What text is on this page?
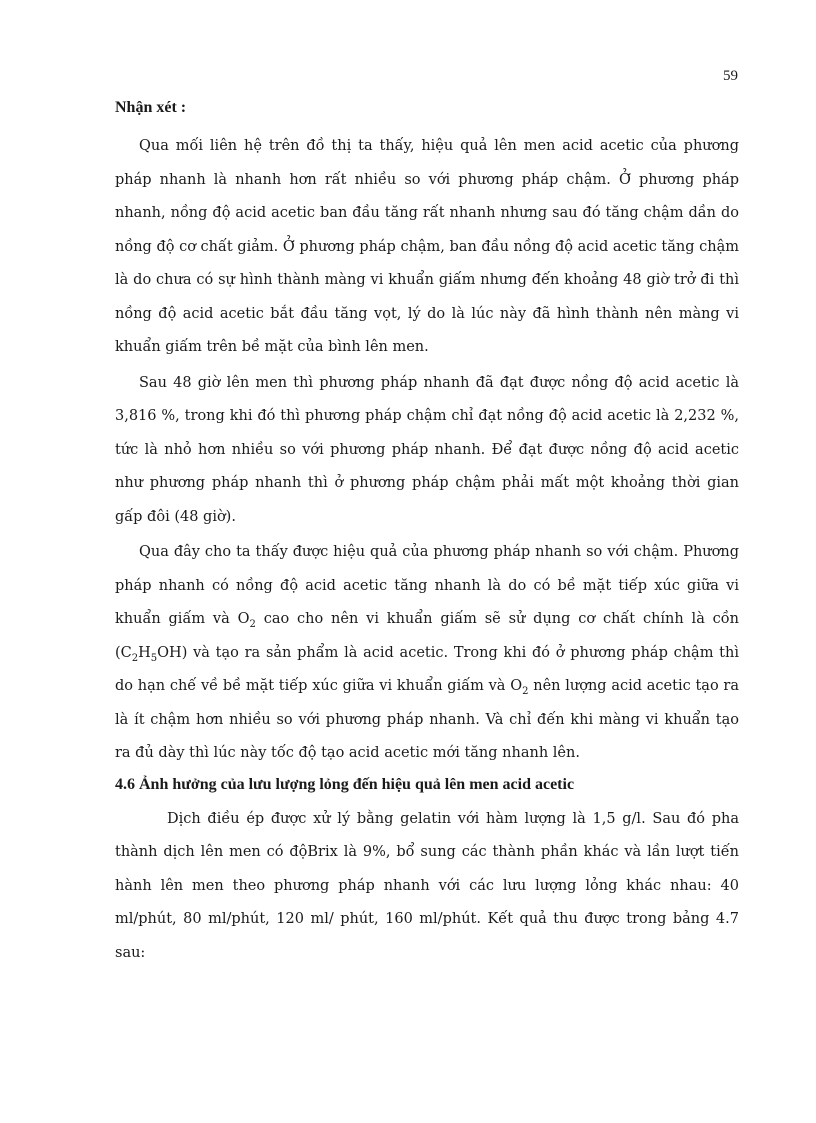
59
Nhận xét :

Qua mối liên hệ trên đồ thị ta thấy, hiệu quả lên men acid acetic của phương pháp nhanh là nhanh hơn rất nhiều so với phương pháp chậm. Ở phương pháp nhanh, nồng độ acid acetic ban đầu tăng rất nhanh nhưng sau đó tăng chậm dần do nồng độ cơ chất giảm. Ở phương pháp chậm, ban đầu nồng độ acid acetic tăng chậm là do chưa có sự hình thành màng vi khuẩn giấm nhưng đến khoảng 48 giờ trở đi thì nồng độ acid acetic bắt đầu tăng vọt, lý do là lúc này đã hình thành nên màng vi khuẩn giấm trên bề mặt của bình lên men.

Sau 48 giờ lên men thì phương pháp nhanh đã đạt được nồng độ acid acetic là 3,816 %, trong khi đó thì phương pháp chậm chỉ đạt nồng độ acid acetic là 2,232 %, tức là nhỏ hơn nhiều so với phương pháp nhanh. Để đạt được nồng độ acid acetic như phương pháp nhanh thì ở phương pháp chậm phải mất một khoảng thời gian gấp đôi (48 giờ).

Qua đây cho ta thấy được hiệu quả của phương pháp nhanh so với chậm. Phương pháp nhanh có nồng độ acid acetic tăng nhanh là do có bề mặt tiếp xúc giữa vi khuẩn giấm và $O_2$ cao cho nên vi khuẩn giấm sẽ sử dụng cơ chất chính là cồn $(C_2H_5OH)$ và tạo ra sản phẩm là acid acetic. Trong khi đó ở phương pháp chậm thì do hạn chế về bề mặt tiếp xúc giữa vi khuẩn giấm và $O_2$ nên lượng acid acetic tạo ra là ít chậm hơn nhiều so với phương pháp nhanh. Và chỉ đến khi màng vi khuẩn tạo ra đủ dày thì lúc này tốc độ tạo acid acetic mới tăng nhanh lên.

4.6 Ảnh hưởng của lưu lượng lỏng đến hiệu quả lên men acid acetic

Dịch điều ép được xử lý bằng gelatin với hàm lượng là 1,5 g/l. Sau đó pha thành dịch lên men có độBrix là 9%, bổ sung các thành phần khác và lần lượt tiến hành lên men theo phương pháp nhanh với các lưu lượng lỏng khác nhau: 40 ml/phút, 80 ml/phút, 120 ml/ phút, 160 ml/phút. Kết quả thu được trong bảng 4.7 sau:
